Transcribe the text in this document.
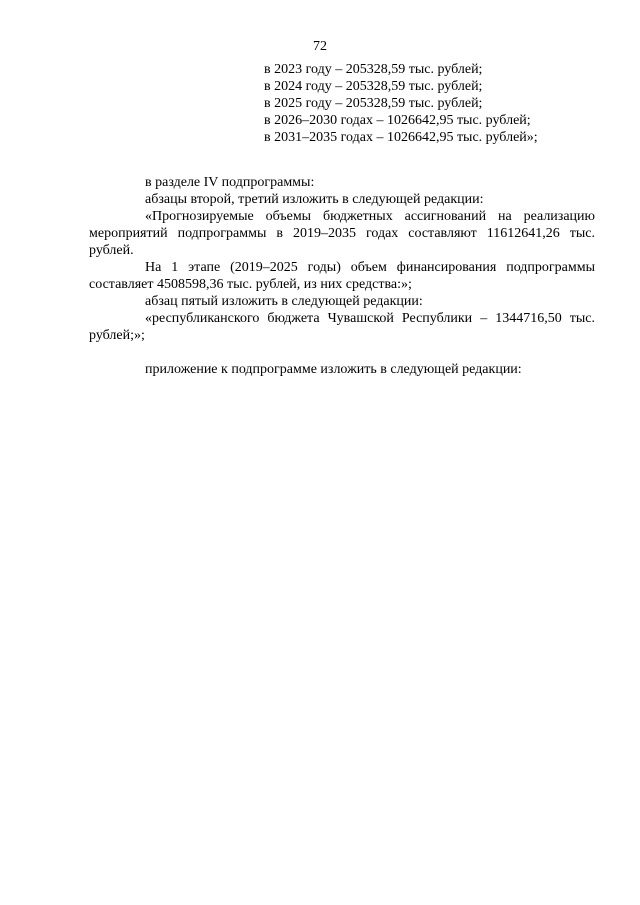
72
в 2023 году – 205328,59 тыс. рублей;
в 2024 году – 205328,59 тыс. рублей;
в 2025 году – 205328,59 тыс. рублей;
в 2026–2030 годах – 1026642,95 тыс. рублей;
в 2031–2035 годах – 1026642,95 тыс. рублей»;
в разделе IV подпрограммы:
абзацы второй, третий изложить в следующей редакции:
«Прогнозируемые объемы бюджетных ассигнований на реализацию мероприятий подпрограммы в 2019–2035 годах составляют 11612641,26 тыс. рублей.
На 1 этапе (2019–2025 годы) объем финансирования подпрограммы составляет 4508598,36 тыс. рублей, из них средства:»;
абзац пятый изложить в следующей редакции:
«республиканского бюджета Чувашской Республики – 1344716,50 тыс. рублей;»;
приложение к подпрограмме изложить в следующей редакции:
